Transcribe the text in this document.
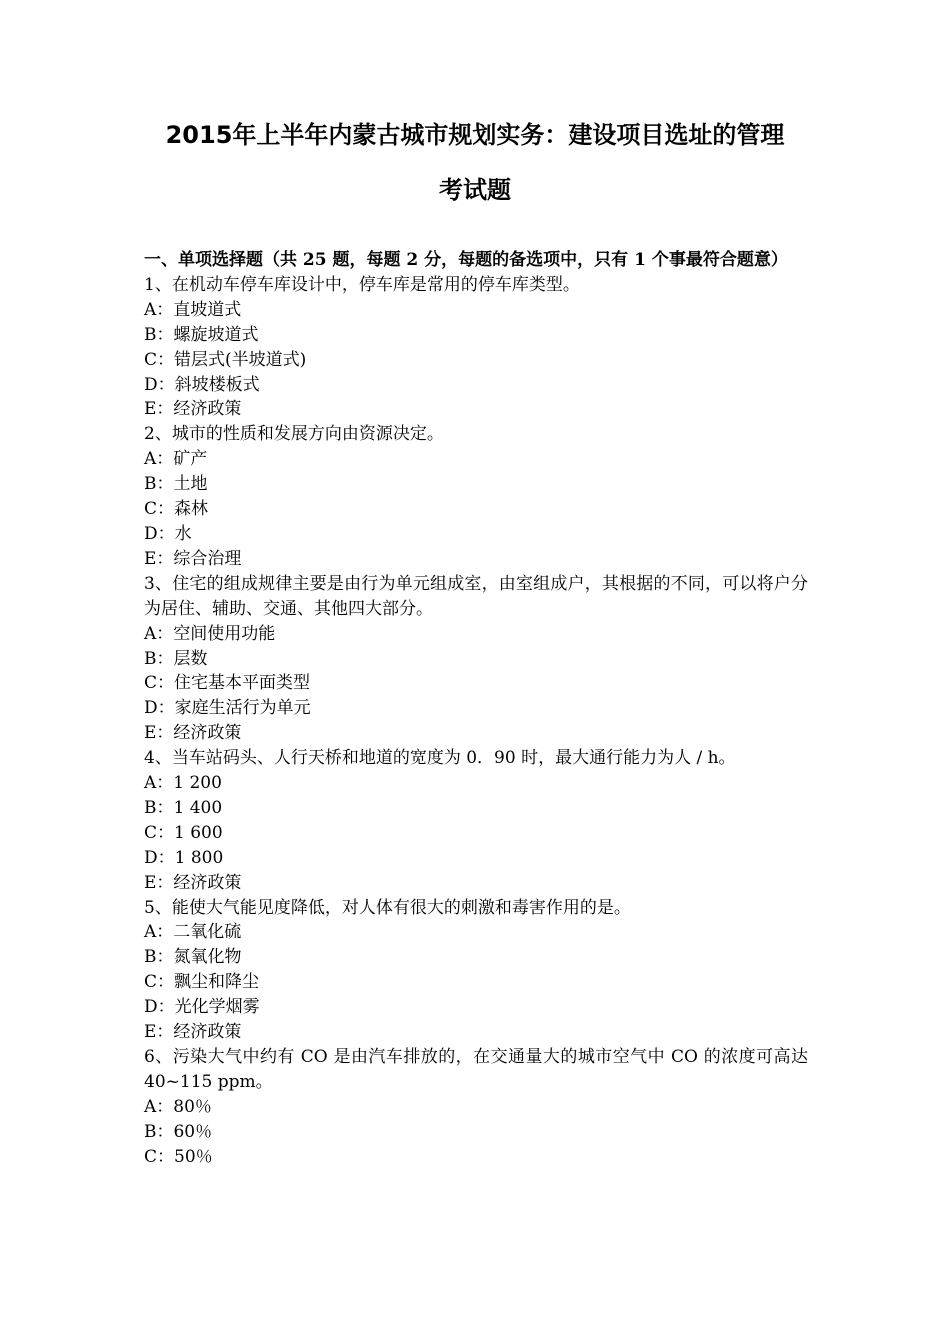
2015年上半年内蒙古城市规划实务：建设项目选址的管理
考试题

一、单项选择题（共 25 题，每题 2 分，每题的备选项中，只有 1 个事最符合题意）

1、在机动车停车库设计中，停车库是常用的停车库类型。

A：直坡道式

B：螺旋坡道式

C：错层式(半坡道式)

D：斜坡楼板式

E：经济政策

2、城市的性质和发展方向由资源决定。

A：矿产

B：土地

C：森林

D：水

E：综合治理

3、住宅的组成规律主要是由行为单元组成室，由室组成户，其根据的不同，可以将户分为居住、辅助、交通、其他四大部分。

A：空间使用功能

B：层数

C：住宅基本平面类型

D：家庭生活行为单元

E：经济政策

4、当车站码头、人行天桥和地道的宽度为 0．90 时，最大通行能力为人 / h。

A：1 200

B：1 400

C：1 600

D：1 800

E：经济政策

5、能使大气能见度降低，对人体有很大的刺激和毒害作用的是。

A：二氧化硫

B：氮氧化物

C：飘尘和降尘

D：光化学烟雾

E：经济政策

6、污染大气中约有 CO 是由汽车排放的，在交通量大的城市空气中 CO 的浓度可高达 40~115 ppm。

A：80％

B：60％

C：50％
